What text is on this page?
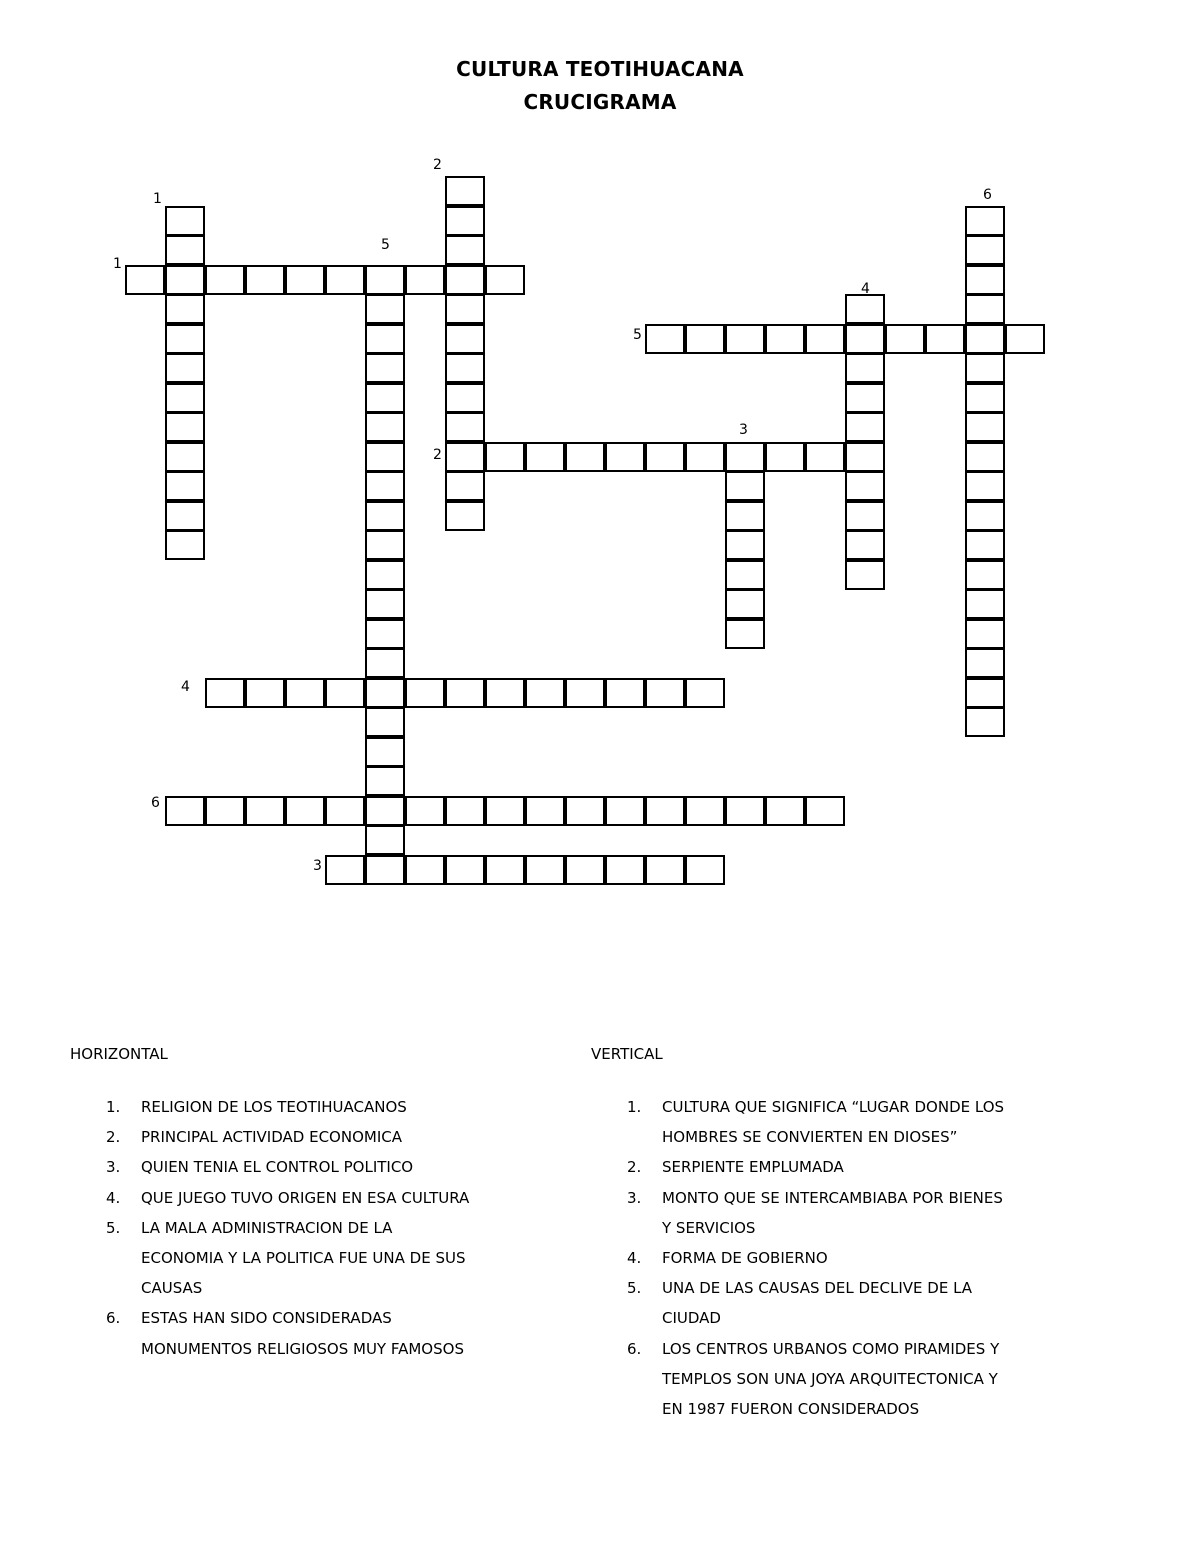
CULTURA TEOTIHUACANA
CRUCIGRAMA
1
2
3
4
5
6
1
2
3
4
5
6
HORIZONTAL
1. RELIGION DE LOS TEOTIHUACANOS
2. PRINCIPAL ACTIVIDAD ECONOMICA
3. QUIEN TENIA EL CONTROL POLITICO
4. QUE JUEGO TUVO ORIGEN EN ESA CULTURA
5. LA MALA ADMINISTRACION DE LA
ECONOMIA Y LA POLITICA FUE UNA DE SUS
CAUSAS
6. ESTAS HAN SIDO CONSIDERADAS
MONUMENTOS RELIGIOSOS MUY FAMOSOS
VERTICAL
1. CULTURA QUE SIGNIFICA “LUGAR DONDE LOS
HOMBRES SE CONVIERTEN EN DIOSES”
2. SERPIENTE EMPLUMADA
3. MONTO QUE SE INTERCAMBIABA POR BIENES
Y SERVICIOS
4. FORMA DE GOBIERNO
5. UNA DE LAS CAUSAS DEL DECLIVE DE LA
CIUDAD
6. LOS CENTROS URBANOS COMO PIRAMIDES Y
TEMPLOS SON UNA JOYA ARQUITECTONICA Y
EN 1987 FUERON CONSIDERADOS
